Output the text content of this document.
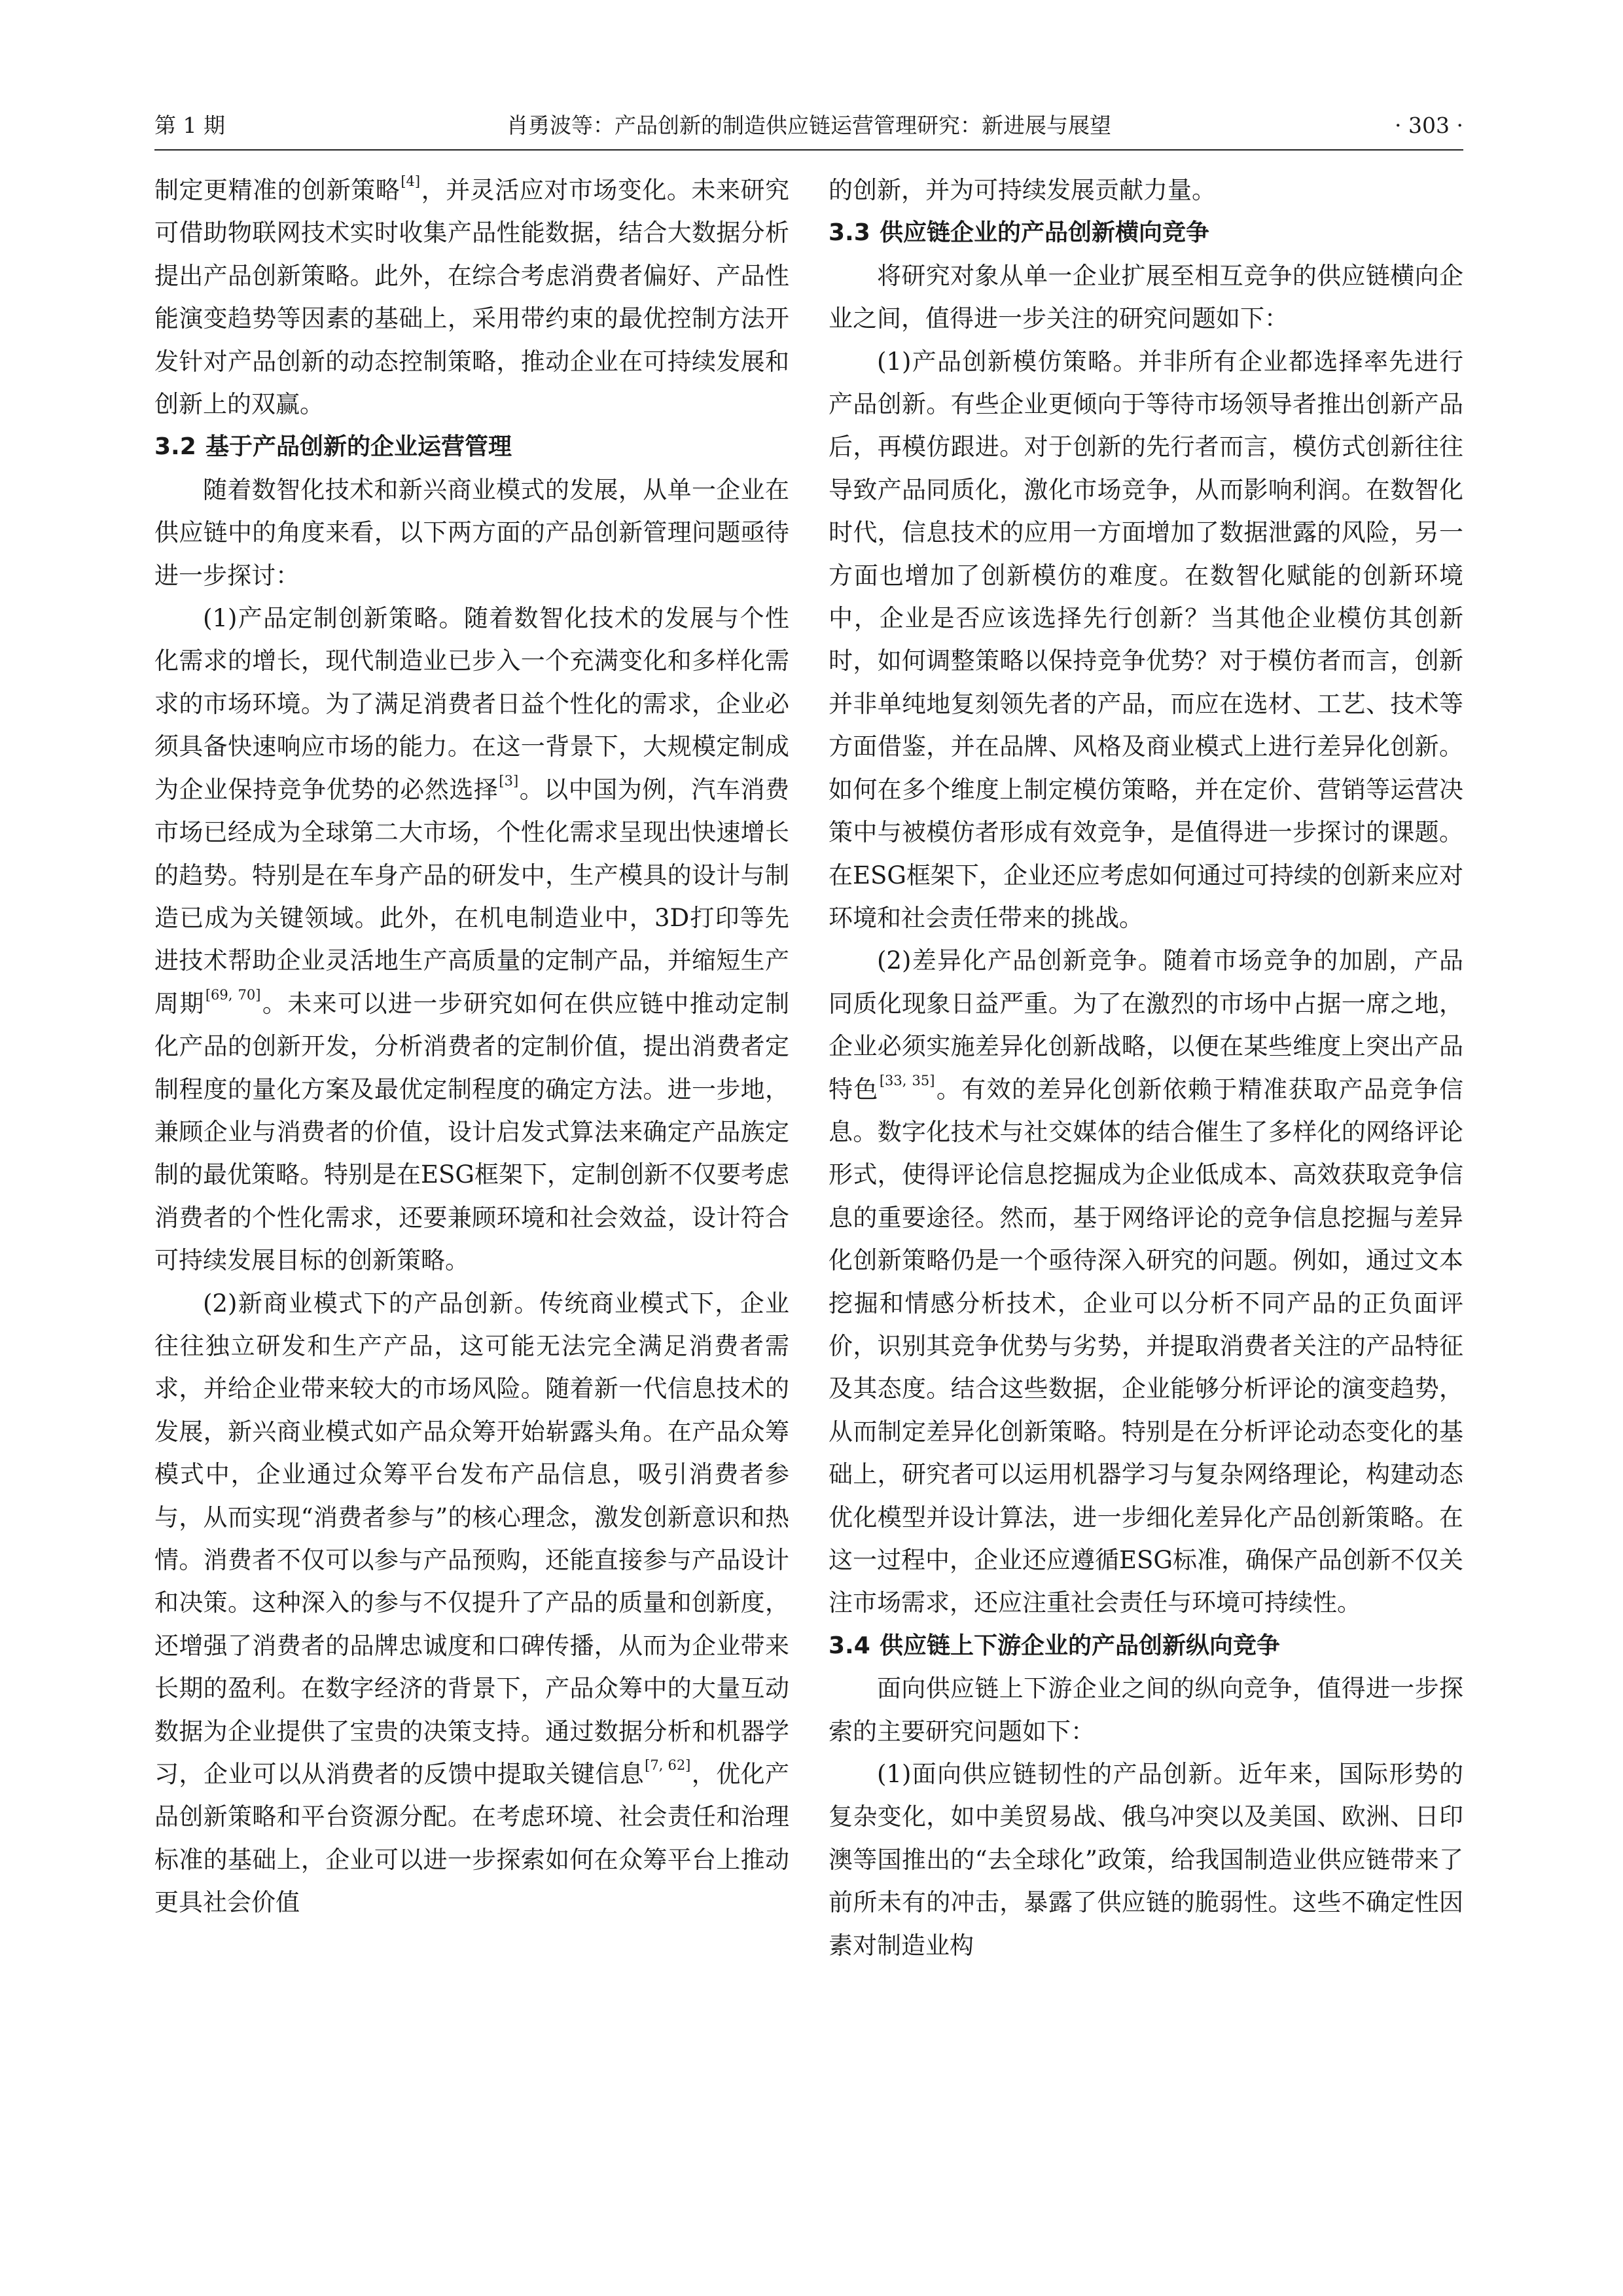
第 1 期	肖勇波等：产品创新的制造供应链运营管理研究：新进展与展望	· 303 ·

制定更精准的创新策略[4]，并灵活应对市场变化。未来研究可借助物联网技术实时收集产品性能数据，结合大数据分析提出产品创新策略。此外，在综合考虑消费者偏好、产品性能演变趋势等因素的基础上，采用带约束的最优控制方法开发针对产品创新的动态控制策略，推动企业在可持续发展和创新上的双赢。

3.2 基于产品创新的企业运营管理

随着数智化技术和新兴商业模式的发展，从单一企业在供应链中的角度来看，以下两方面的产品创新管理问题亟待进一步探讨：

(1)产品定制创新策略。随着数智化技术的发展与个性化需求的增长，现代制造业已步入一个充满变化和多样化需求的市场环境。为了满足消费者日益个性化的需求，企业必须具备快速响应市场的能力。在这一背景下，大规模定制成为企业保持竞争优势的必然选择[3]。以中国为例，汽车消费市场已经成为全球第二大市场，个性化需求呈现出快速增长的趋势。特别是在车身产品的研发中，生产模具的设计与制造已成为关键领域。此外，在机电制造业中，3D打印等先进技术帮助企业灵活地生产高质量的定制产品，并缩短生产周期[69, 70]。未来可以进一步研究如何在供应链中推动定制化产品的创新开发，分析消费者的定制价值，提出消费者定制程度的量化方案及最优定制程度的确定方法。进一步地，兼顾企业与消费者的价值，设计启发式算法来确定产品族定制的最优策略。特别是在ESG框架下，定制创新不仅要考虑消费者的个性化需求，还要兼顾环境和社会效益，设计符合可持续发展目标的创新策略。

(2)新商业模式下的产品创新。传统商业模式下，企业往往独立研发和生产产品，这可能无法完全满足消费者需求，并给企业带来较大的市场风险。随着新一代信息技术的发展，新兴商业模式如产品众筹开始崭露头角。在产品众筹模式中，企业通过众筹平台发布产品信息，吸引消费者参与，从而实现“消费者参与”的核心理念，激发创新意识和热情。消费者不仅可以参与产品预购，还能直接参与产品设计和决策。这种深入的参与不仅提升了产品的质量和创新度，还增强了消费者的品牌忠诚度和口碑传播，从而为企业带来长期的盈利。在数字经济的背景下，产品众筹中的大量互动数据为企业提供了宝贵的决策支持。通过数据分析和机器学习，企业可以从消费者的反馈中提取关键信息[7, 62]，优化产品创新策略和平台资源分配。在考虑环境、社会责任和治理标准的基础上，企业可以进一步探索如何在众筹平台上推动更具社会价值

的创新，并为可持续发展贡献力量。

3.3 供应链企业的产品创新横向竞争

将研究对象从单一企业扩展至相互竞争的供应链横向企业之间，值得进一步关注的研究问题如下：

(1)产品创新模仿策略。并非所有企业都选择率先进行产品创新。有些企业更倾向于等待市场领导者推出创新产品后，再模仿跟进。对于创新的先行者而言，模仿式创新往往导致产品同质化，激化市场竞争，从而影响利润。在数智化时代，信息技术的应用一方面增加了数据泄露的风险，另一方面也增加了创新模仿的难度。在数智化赋能的创新环境中，企业是否应该选择先行创新？当其他企业模仿其创新时，如何调整策略以保持竞争优势？对于模仿者而言，创新并非单纯地复刻领先者的产品，而应在选材、工艺、技术等方面借鉴，并在品牌、风格及商业模式上进行差异化创新。如何在多个维度上制定模仿策略，并在定价、营销等运营决策中与被模仿者形成有效竞争，是值得进一步探讨的课题。在ESG框架下，企业还应考虑如何通过可持续的创新来应对环境和社会责任带来的挑战。

(2)差异化产品创新竞争。随着市场竞争的加剧，产品同质化现象日益严重。为了在激烈的市场中占据一席之地，企业必须实施差异化创新战略，以便在某些维度上突出产品特色[33, 35]。有效的差异化创新依赖于精准获取产品竞争信息。数字化技术与社交媒体的结合催生了多样化的网络评论形式，使得评论信息挖掘成为企业低成本、高效获取竞争信息的重要途径。然而，基于网络评论的竞争信息挖掘与差异化创新策略仍是一个亟待深入研究的问题。例如，通过文本挖掘和情感分析技术，企业可以分析不同产品的正负面评价，识别其竞争优势与劣势，并提取消费者关注的产品特征及其态度。结合这些数据，企业能够分析评论的演变趋势，从而制定差异化创新策略。特别是在分析评论动态变化的基础上，研究者可以运用机器学习与复杂网络理论，构建动态优化模型并设计算法，进一步细化差异化产品创新策略。在这一过程中，企业还应遵循ESG标准，确保产品创新不仅关注市场需求，还应注重社会责任与环境可持续性。

3.4 供应链上下游企业的产品创新纵向竞争

面向供应链上下游企业之间的纵向竞争，值得进一步探索的主要研究问题如下：

(1)面向供应链韧性的产品创新。近年来，国际形势的复杂变化，如中美贸易战、俄乌冲突以及美国、欧洲、日印澳等国推出的“去全球化”政策，给我国制造业供应链带来了前所未有的冲击，暴露了供应链的脆弱性。这些不确定性因素对制造业构
